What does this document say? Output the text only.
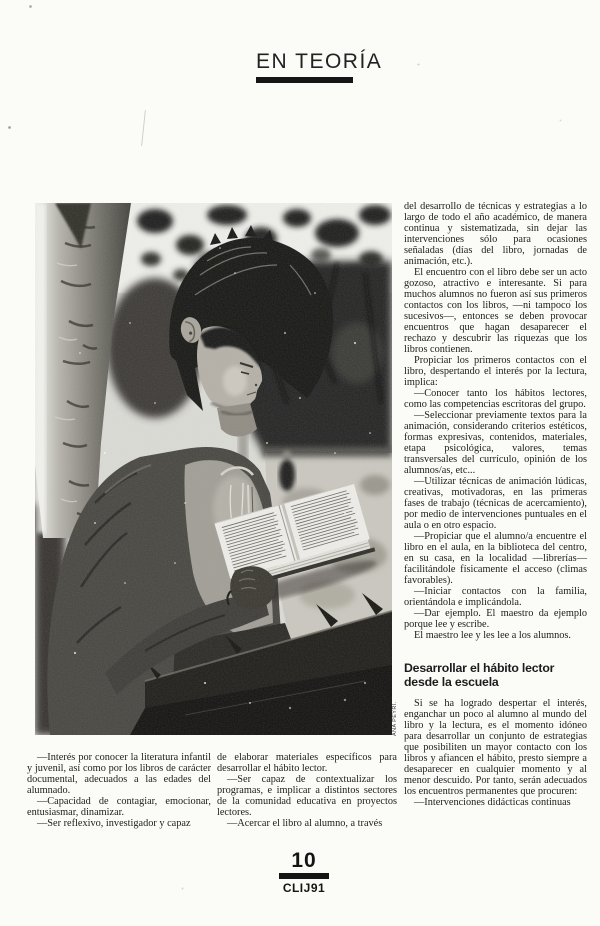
EN TEORÍA
ANA PEYRÍ.

del desarrollo de técnicas y estrategias a lo largo de todo el año académico, de manera continua y sistematizada, sin dejar las intervenciones sólo para ocasiones señaladas (días del libro, jornadas de animación, etc.).

El encuentro con el libro debe ser un acto gozoso, atractivo e interesante. Si para muchos alumnos no fueron así sus primeros contactos con los libros, —ni tampoco los sucesivos—, entonces se deben provocar encuentros que hagan desaparecer el rechazo y descubrir las riquezas que los libros contienen.

Propiciar los primeros contactos con el libro, despertando el interés por la lectura, implica:

—Conocer tanto los hábitos lectores, como las competencias escritoras del grupo.

—Seleccionar previamente textos para la animación, considerando criterios estéticos, formas expresivas, contenidos, materiales, etapa psicológica, valores, temas transversales del currículo, opinión de los alumnos/as, etc...

—Utilizar técnicas de animación lúdicas, creativas, motivadoras, en las primeras fases de trabajo (técnicas de acercamiento), por medio de intervenciones puntuales en el aula o en otro espacio.

—Propiciar que el alumno/a encuentre el libro en el aula, en la biblioteca del centro, en su casa, en la localidad —librerías— facilitándole físicamente el acceso (climas favorables).

—Iniciar contactos con la familia, orientándola e implicándola.

—Dar ejemplo. El maestro da ejemplo porque lee y escribe.

El maestro lee y les lee a los alumnos.

Desarrollar el hábito lector
desde la escuela

Si se ha logrado despertar el interés, enganchar un poco al alumno al mundo del libro y la lectura, es el momento idóneo para desarrollar un conjunto de estrategias que posibiliten un mayor contacto con los libros y afiancen el hábito, presto siempre a desaparecer en cualquier momento y al menor descuido. Por tanto, serán adecuados los encuentros permanentes que procuren:

—Intervenciones didácticas continuas

—Interés por conocer la literatura infantil y juvenil, así como por los libros de carácter documental, adecuados a las edades del alumnado.

—Capacidad de contagiar, emocionar, entusiasmar, dinamizar.

—Ser reflexivo, investigador y capaz

de elaborar materiales específicos para desarrollar el hábito lector.

—Ser capaz de contextualizar los programas, e implicar a distintos sectores de la comunidad educativa en proyectos lectores.

—Acercar el libro al alumno, a través

10
CLIJ91
